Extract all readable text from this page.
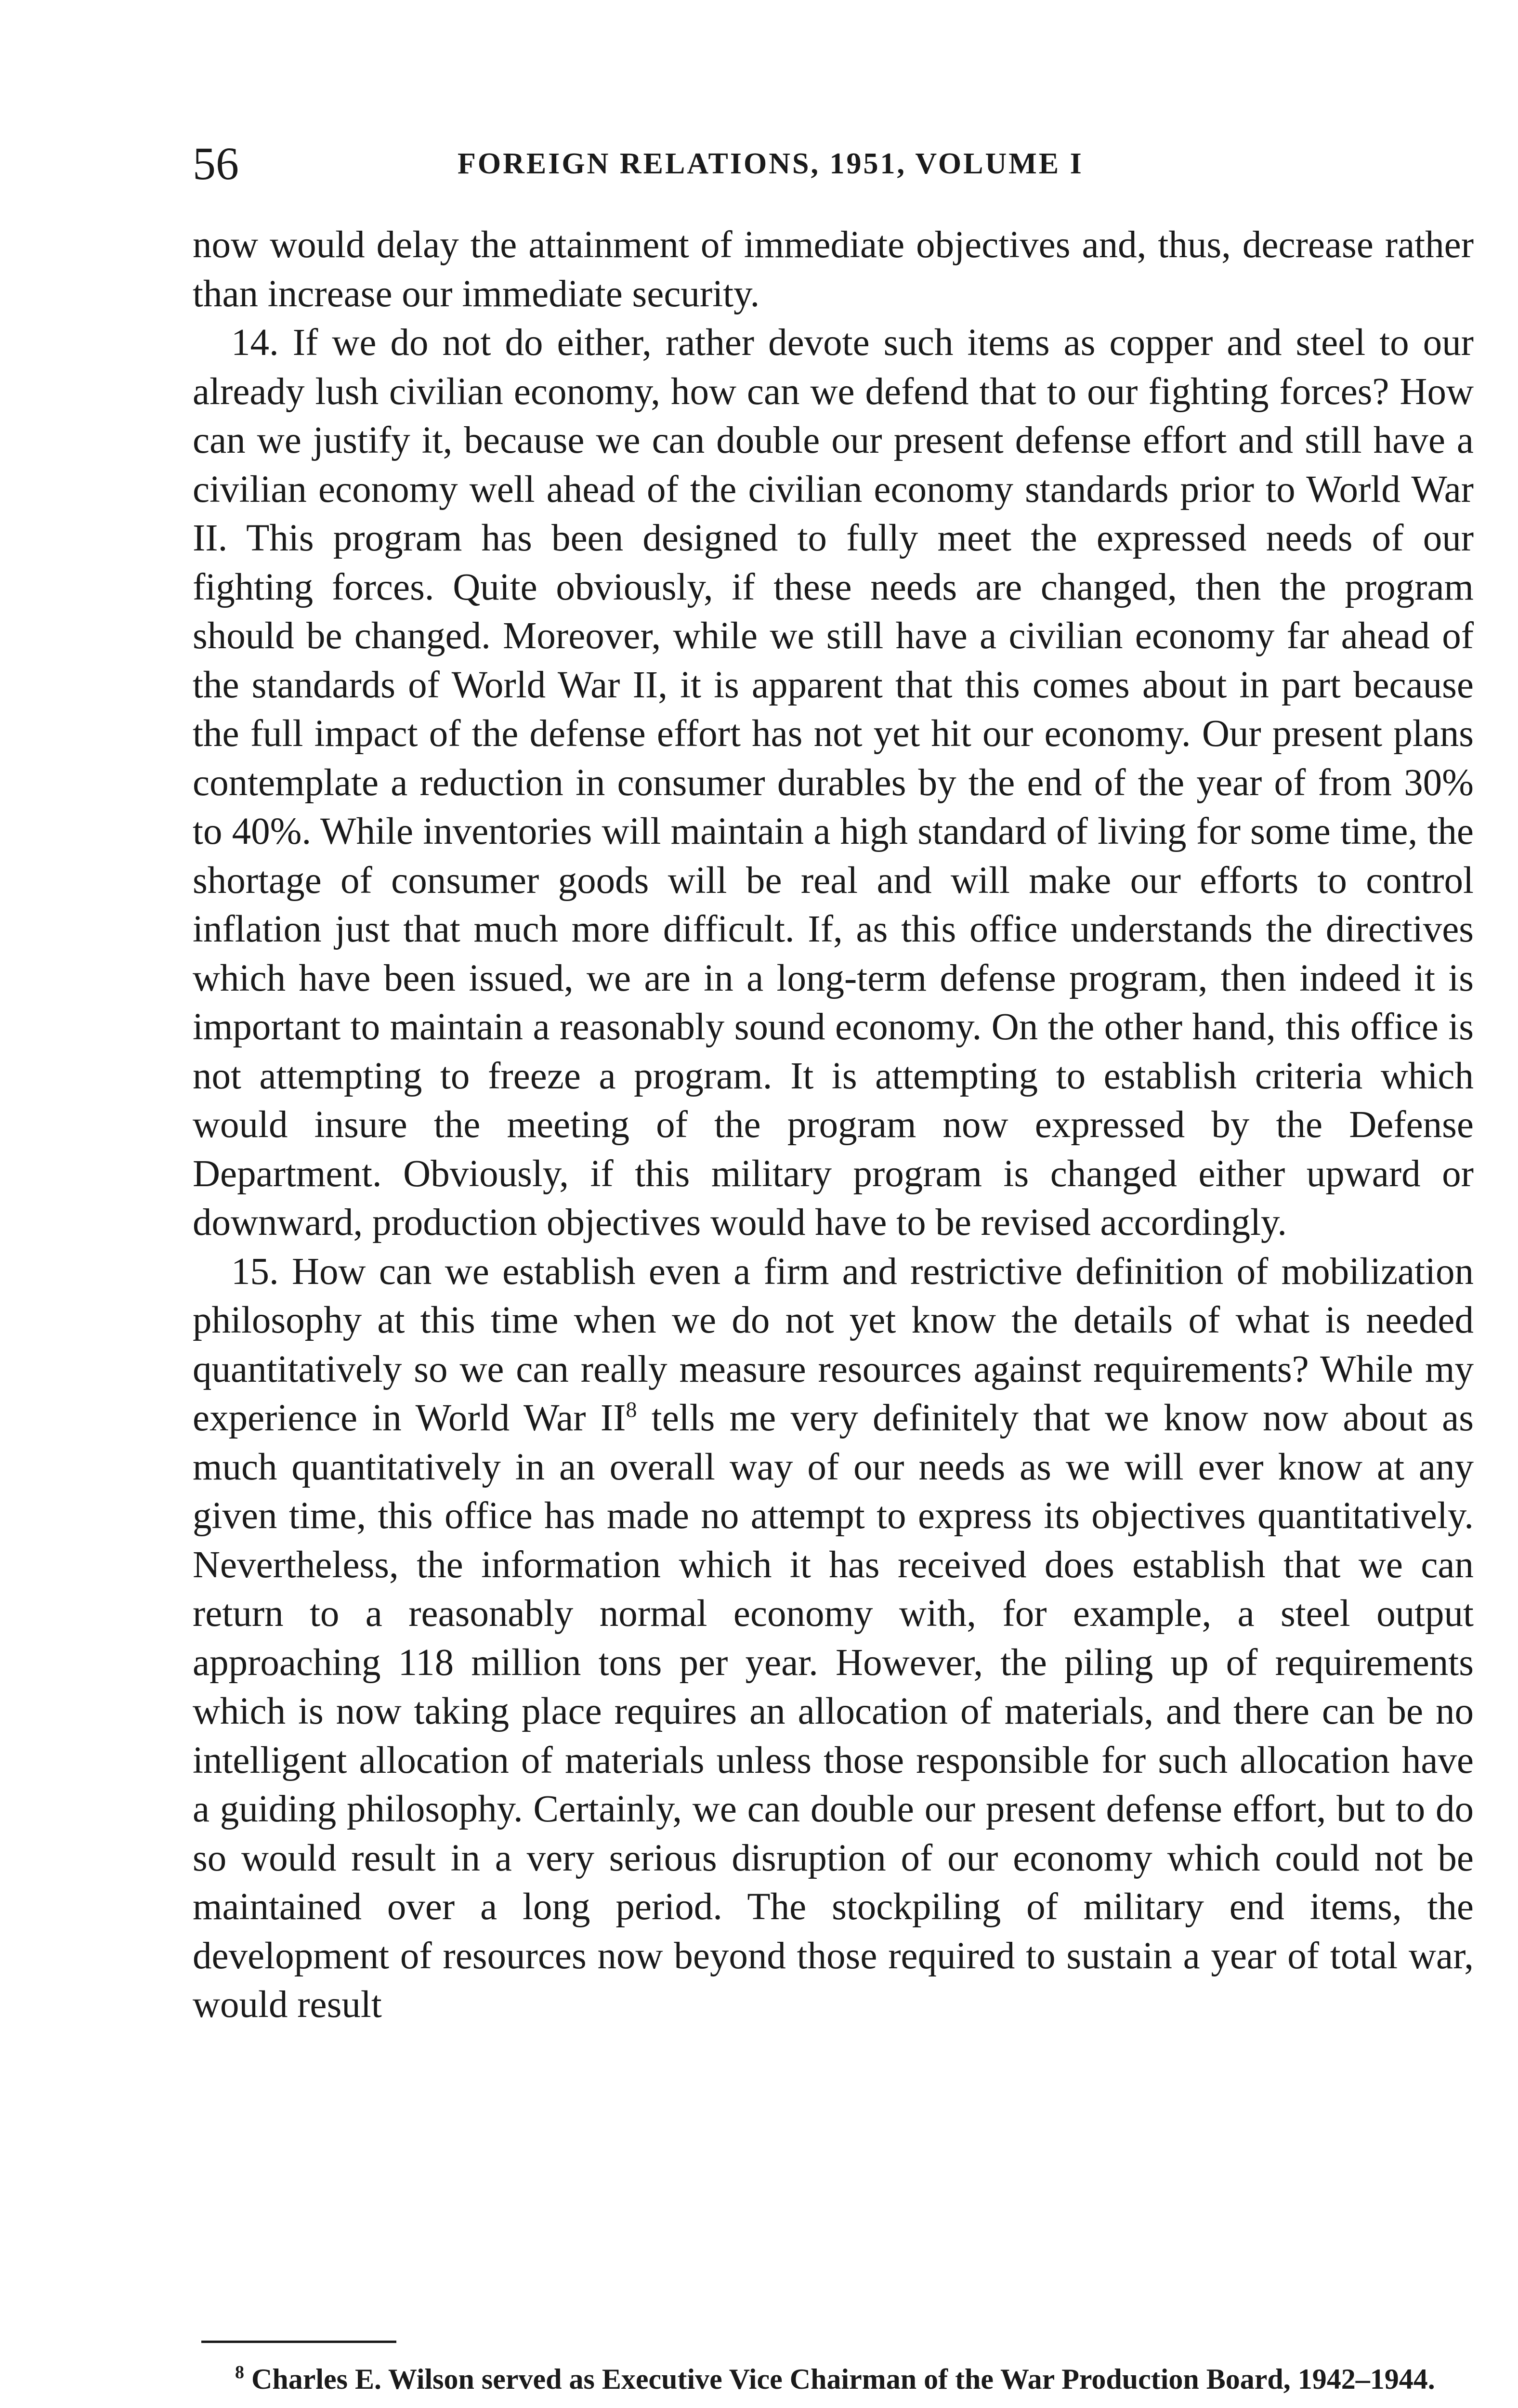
56	FOREIGN RELATIONS, 1951, VOLUME I

now would delay the attainment of immediate objectives and, thus, decrease rather than increase our immediate security.

14. If we do not do either, rather devote such items as copper and steel to our already lush civilian economy, how can we defend that to our fighting forces? How can we justify it, because we can double our present defense effort and still have a civilian economy well ahead of the civilian economy standards prior to World War II. This program has been designed to fully meet the expressed needs of our fighting forces. Quite obviously, if these needs are changed, then the program should be changed. Moreover, while we still have a civilian economy far ahead of the standards of World War II, it is apparent that this comes about in part because the full impact of the defense effort has not yet hit our economy. Our present plans contemplate a reduction in consumer durables by the end of the year of from 30% to 40%. While inventories will maintain a high standard of living for some time, the shortage of consumer goods will be real and will make our efforts to control inflation just that much more difficult. If, as this office understands the directives which have been issued, we are in a long-term defense program, then indeed it is important to maintain a reasonably sound economy. On the other hand, this office is not attempting to freeze a program. It is attempting to establish criteria which would insure the meeting of the program now expressed by the Defense Department. Obviously, if this military program is changed either upward or downward, production objectives would have to be revised accordingly.

15. How can we establish even a firm and restrictive definition of mobilization philosophy at this time when we do not yet know the details of what is needed quantitatively so we can really measure resources against requirements? While my experience in World War $II^8$ tells me very definitely that we know now about as much quantitatively in an overall way of our needs as we will ever know at any given time, this office has made no attempt to express its objectives quantitatively. Nevertheless, the information which it has received does establish that we can return to a reasonably normal economy with, for example, a steel output approaching 118 million tons per year. However, the piling up of requirements which is now taking place requires an allocation of materials, and there can be no intelligent allocation of materials unless those responsible for such allocation have a guiding philosophy. Certainly, we can double our present defense effort, but to do so would result in a very serious disruption of our economy which could not be maintained over a long period. The stockpiling of military end items, the development of resources now beyond those required to sustain a year of total war, would result

$^8$ Charles E. Wilson served as Executive Vice Chairman of the War Production Board, 1942–1944.
